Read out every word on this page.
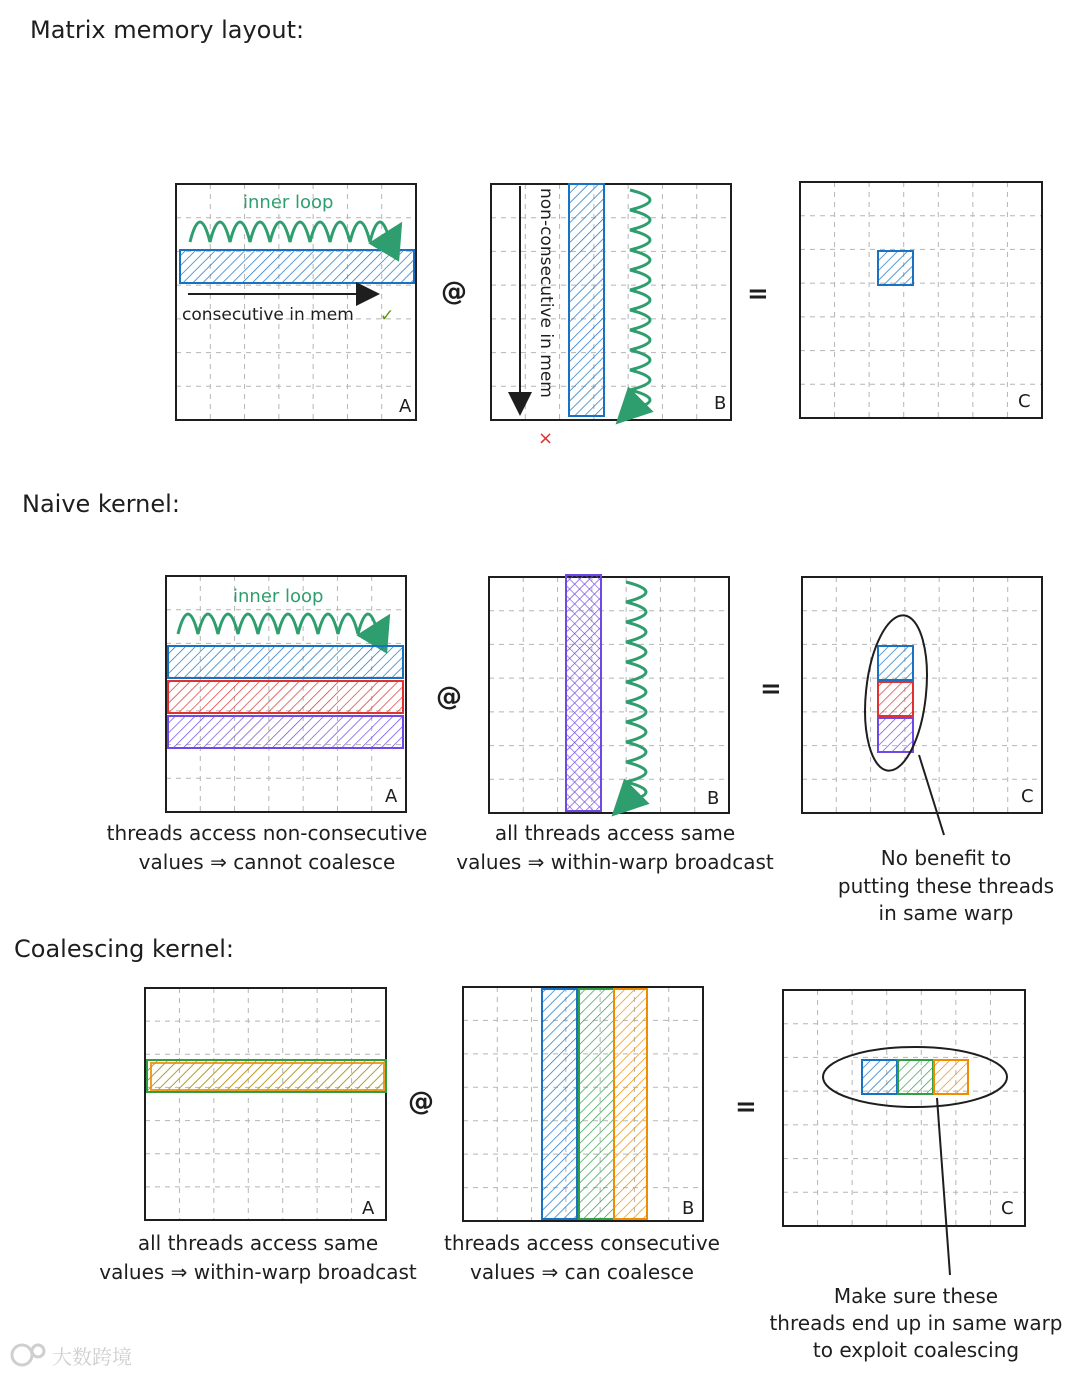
Matrix memory layout:
Naive kernel:
Coalescing kernel:
inner loop
consecutive in mem ✓
A
@	non-consecutive in mem
×
B
=
C
inner loop
A
@
B
=
C
threads access non-consecutive
values ⇒ cannot coalesce
all threads access same
values ⇒ within-warp broadcast	No benefit to
putting these threads
in same warp
A
@
B
=
C
all threads access same
values ⇒ within-warp broadcast
threads access consecutive
values ⇒ can coalesce
Make sure these
threads end up in same warp
to exploit coalescing
大数跨境
